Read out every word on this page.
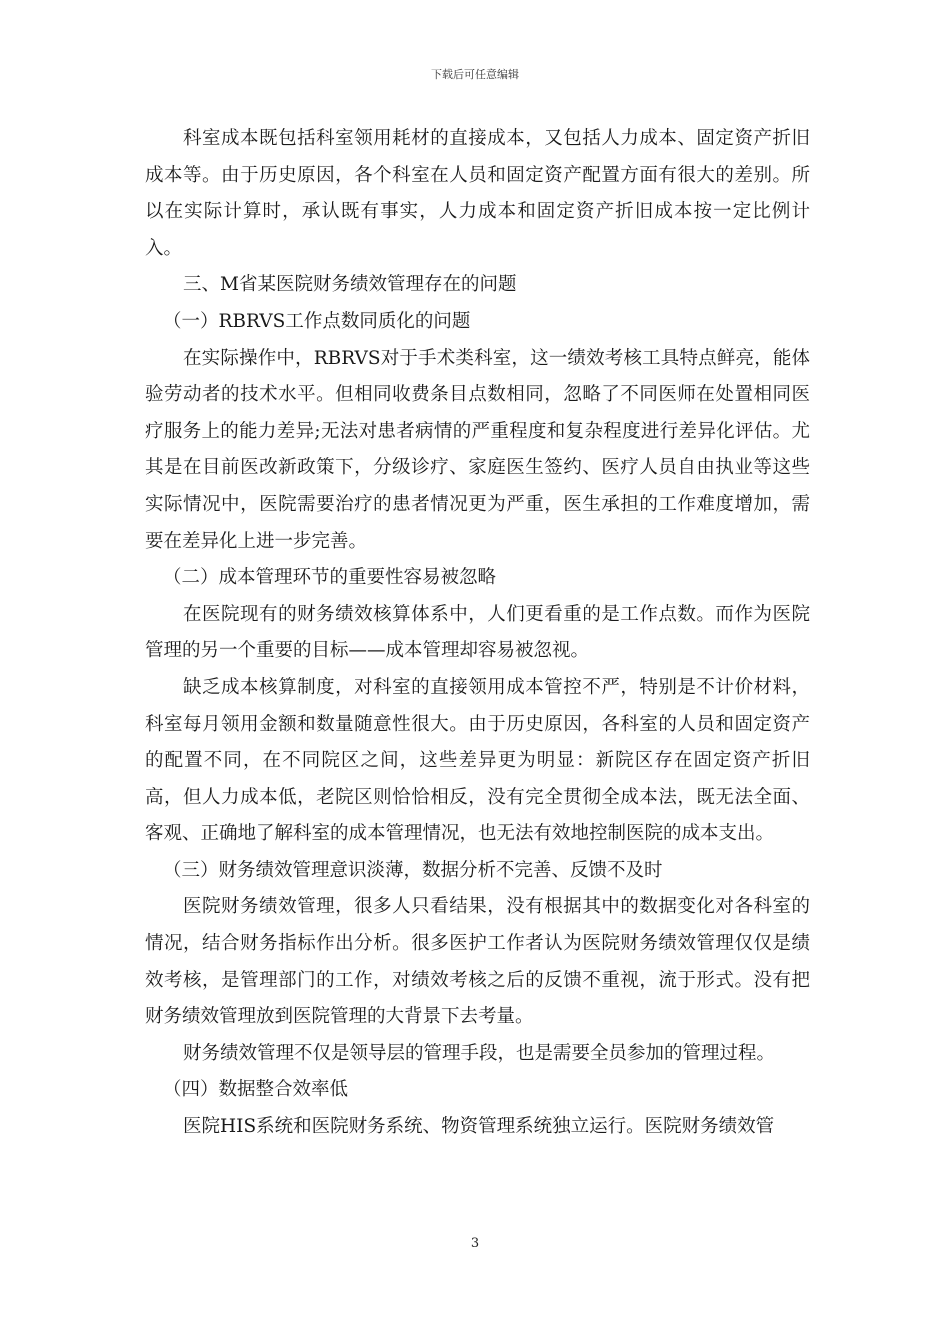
下载后可任意编辑

科室成本既包括科室领用耗材的直接成本，又包括人力成本、固定资产折旧成本等。由于历史原因，各个科室在人员和固定资产配置方面有很大的差别。所以在实际计算时，承认既有事实，人力成本和固定资产折旧成本按一定比例计入。

三、M省某医院财务绩效管理存在的问题

（一）RBRVS工作点数同质化的问题

在实际操作中，RBRVS对于手术类科室，这一绩效考核工具特点鲜亮，能体验劳动者的技术水平。但相同收费条目点数相同，忽略了不同医师在处置相同医疗服务上的能力差异;无法对患者病情的严重程度和复杂程度进行差异化评估。尤其是在目前医改新政策下，分级诊疗、家庭医生签约、医疗人员自由执业等这些实际情况中，医院需要治疗的患者情况更为严重，医生承担的工作难度增加，需要在差异化上进一步完善。

（二）成本管理环节的重要性容易被忽略

在医院现有的财务绩效核算体系中，人们更看重的是工作点数。而作为医院管理的另一个重要的目标——成本管理却容易被忽视。

缺乏成本核算制度，对科室的直接领用成本管控不严，特别是不计价材料，科室每月领用金额和数量随意性很大。由于历史原因，各科室的人员和固定资产的配置不同，在不同院区之间，这些差异更为明显：新院区存在固定资产折旧高，但人力成本低，老院区则恰恰相反，没有完全贯彻全成本法，既无法全面、客观、正确地了解科室的成本管理情况，也无法有效地控制医院的成本支出。

（三）财务绩效管理意识淡薄，数据分析不完善、反馈不及时

医院财务绩效管理，很多人只看结果，没有根据其中的数据变化对各科室的情况，结合财务指标作出分析。很多医护工作者认为医院财务绩效管理仅仅是绩效考核，是管理部门的工作，对绩效考核之后的反馈不重视，流于形式。没有把财务绩效管理放到医院管理的大背景下去考量。

财务绩效管理不仅是领导层的管理手段，也是需要全员参加的管理过程。

（四）数据整合效率低

医院HIS系统和医院财务系统、物资管理系统独立运行。医院财务绩效管

3
